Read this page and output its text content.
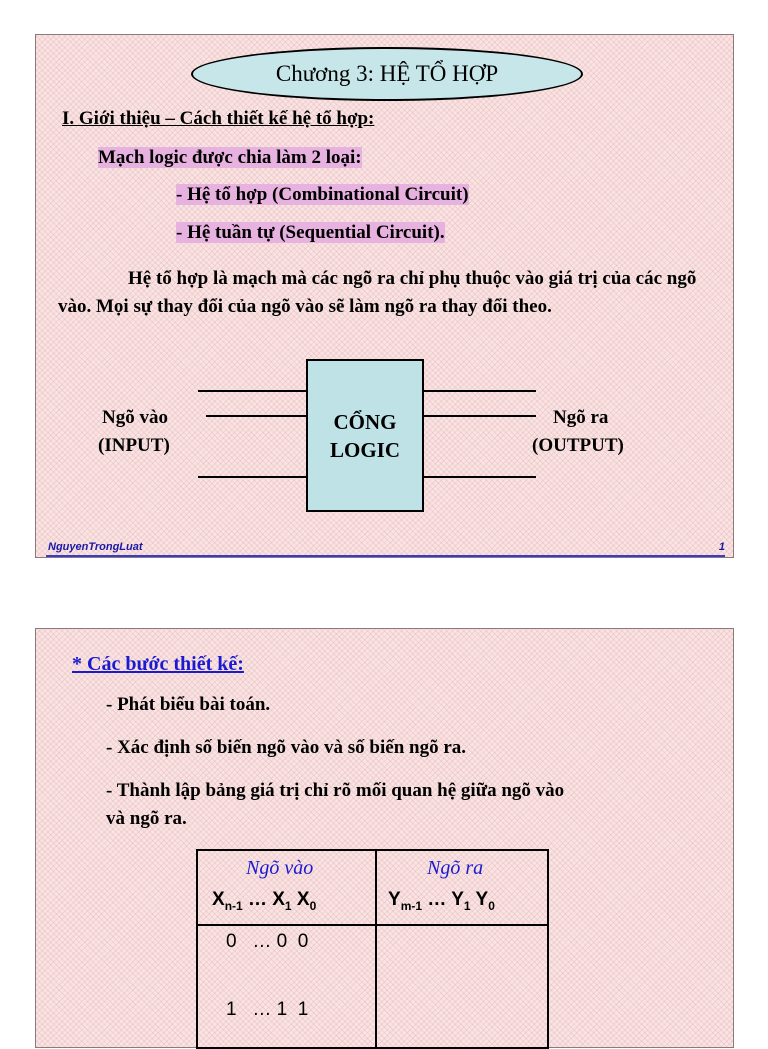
Chương 3: HỆ TỔ HỢP
I. Giới thiệu – Cách thiết kế hệ tổ hợp:
Mạch logic được chia làm 2 loại:
- Hệ tổ hợp (Combinational Circuit)
- Hệ tuần tự (Sequential Circuit).
Hệ tổ hợp là mạch mà các ngõ ra chỉ phụ thuộc vào giá trị của các ngõ vào. Mọi sự thay đổi của ngõ vào sẽ làm ngõ ra thay đổi theo.
CỔNG
LOGIC
Ngõ vào
(INPUT)
Ngõ ra
(OUTPUT)
NguyenTrongLuat	1
* Các bước thiết kế:
- Phát biểu bài toán.
- Xác định số biến ngõ vào và số biến ngõ ra.
- Thành lập bảng giá trị chỉ rõ mối quan hệ giữa ngõ vào
và ngõ ra.
Ngõ vào	Ngõ ra
$X_{n-1}$ … $X_1$ $X_0$	$Y_{m-1}$ … $Y_1$ $Y_0$
0   … 0  0
1   … 1  1
